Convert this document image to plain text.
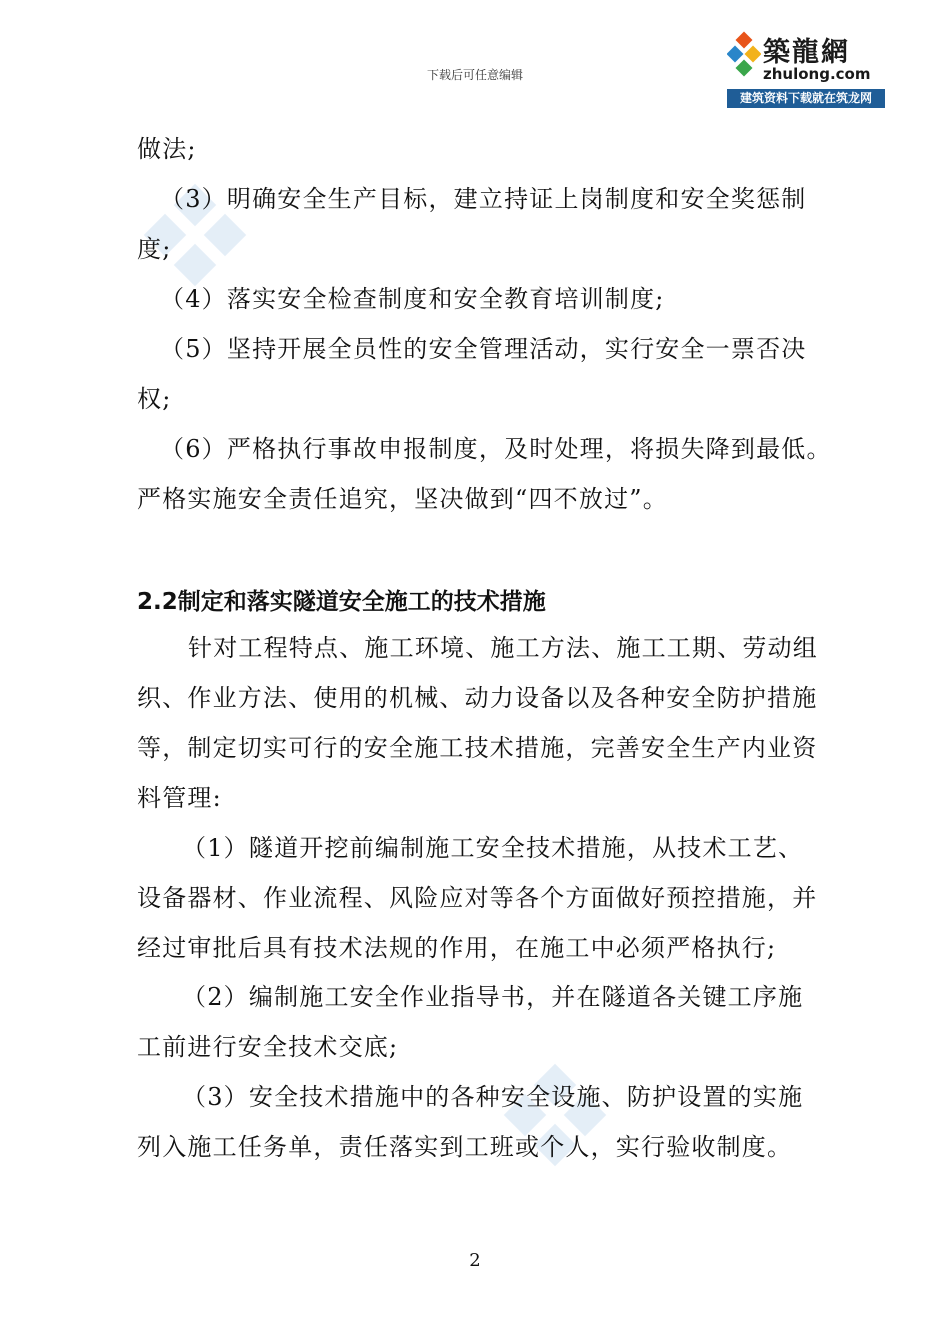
下载后可任意编辑
築龍網
zhulong.com
建筑资料下载就在筑龙网
做法;
（3）明确安全生产目标，建立持证上岗制度和安全奖惩制
度;
（4）落实安全检查制度和安全教育培训制度;
（5）坚持开展全员性的安全管理活动，实行安全一票否决
权;
（6）严格执行事故申报制度，及时处理，将损失降到最低。
严格实施安全责任追究，坚决做到“四不放过”。
2.2制定和落实隧道安全施工的技术措施
针对工程特点、施工环境、施工方法、施工工期、劳动组
织、作业方法、使用的机械、动力设备以及各种安全防护措施
等，制定切实可行的安全施工技术措施，完善安全生产内业资
料管理:
（1）隧道开挖前编制施工安全技术措施，从技术工艺、
设备器材、作业流程、风险应对等各个方面做好预控措施，并
经过审批后具有技术法规的作用，在施工中必须严格执行;
（2）编制施工安全作业指导书，并在隧道各关键工序施
工前进行安全技术交底;
（3）安全技术措施中的各种安全设施、防护设置的实施
列入施工任务单，责任落实到工班或个人，实行验收制度。
2
